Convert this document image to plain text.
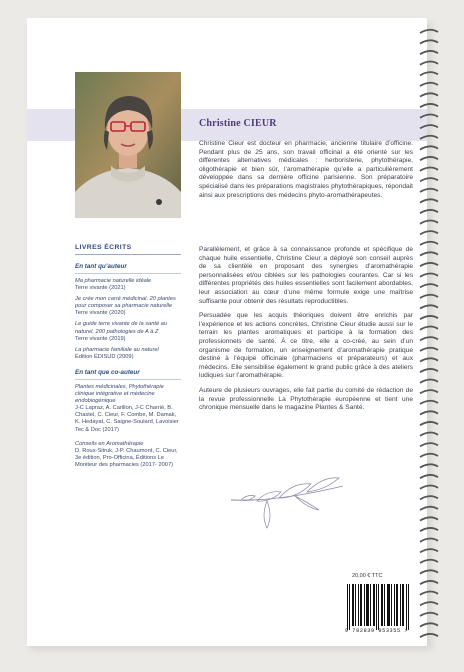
Christine CIEUR
Christine Cieur est docteur en pharmacie, ancienne titulaire d’officine. Pendant plus de 25 ans, son travail officinal a été orienté sur les différentes alternatives médicales : herboristerie, phytothérapie, oligothérapie et bien sûr, l’aromathérapie qu’elle a particulièrement développée dans sa dernière officine parisienne. Son préparatoire spécialisé dans les préparations magistrales phytothérapiques, répondait ainsi aux prescriptions des médecins phyto-aromathérapeutes.
LIVRES ÉCRITS
En tant qu’auteur
Ma pharmacie naturelle idéale
Terre vivante (2021)
Je crée mon carré médicinal. 20 plantes pour composer sa pharmacie naturelle
Terre vivante (2020)
Le guide terre vivante de la santé au naturel, 200 pathologies de A à Z
Terre vivante (2019)
La pharmacie familiale au naturel
Édition ÉDISUD (2009)
En tant que co-auteur
Plantes médicinales, Phytothérapie clinique intégrative et médecine endobiogénique
J-C Lapraz, A. Carillon, J-C Charrié, B. Chastel, C. Cieur, F. Combe, M. Damak, K. Hedayat, C. Saigne-Soulard, Lavoisier Tec & Doc (2017)
Conseils en Aromathérapie
D. Roux-Sitruk, J-P. Chaumont, C. Cieur, 3e édition, Pro-Officina, Éditions Le Moniteur des pharmacies (2017- 2007)

Parallèlement, et grâce à sa connaissance profonde et spécifique de chaque huile essentielle, Christine Cieur a déployé son conseil auprès de sa clientèle en proposant des synergies d’aromathérapie personnalisées et/ou ciblées sur les pathologies courantes. Car si les différentes propriétés des huiles essentielles sont facilement abordables, leur association au cœur d’une même formule exige une maîtrise suffisante pour obtenir des résultats reproductibles.

Persuadée que les acquis théoriques doivent être enrichis par l’expérience et les actions concrètes, Christine Cieur étudie aussi sur le terrain les plantes aromatiques et participe à la formation des professionnels de santé. À ce titre, elle a co-créé, au sein d’un organisme de formation, un enseignement d’aromathérapie pratique destiné à l’équipe officinale (pharmaciens et préparateurs) et aux médecins. Elle sensibilise également le grand public grâce à des ateliers ludiques sur l’aromathérapie.

Auteure de plusieurs ouvrages, elle fait partie du comité de rédaction de la revue professionnelle La Phytothérapie européenne et tient une chronique mensuelle dans le magazine Plantes & Santé.

20,00 € TTC
9 782839 953355 >
